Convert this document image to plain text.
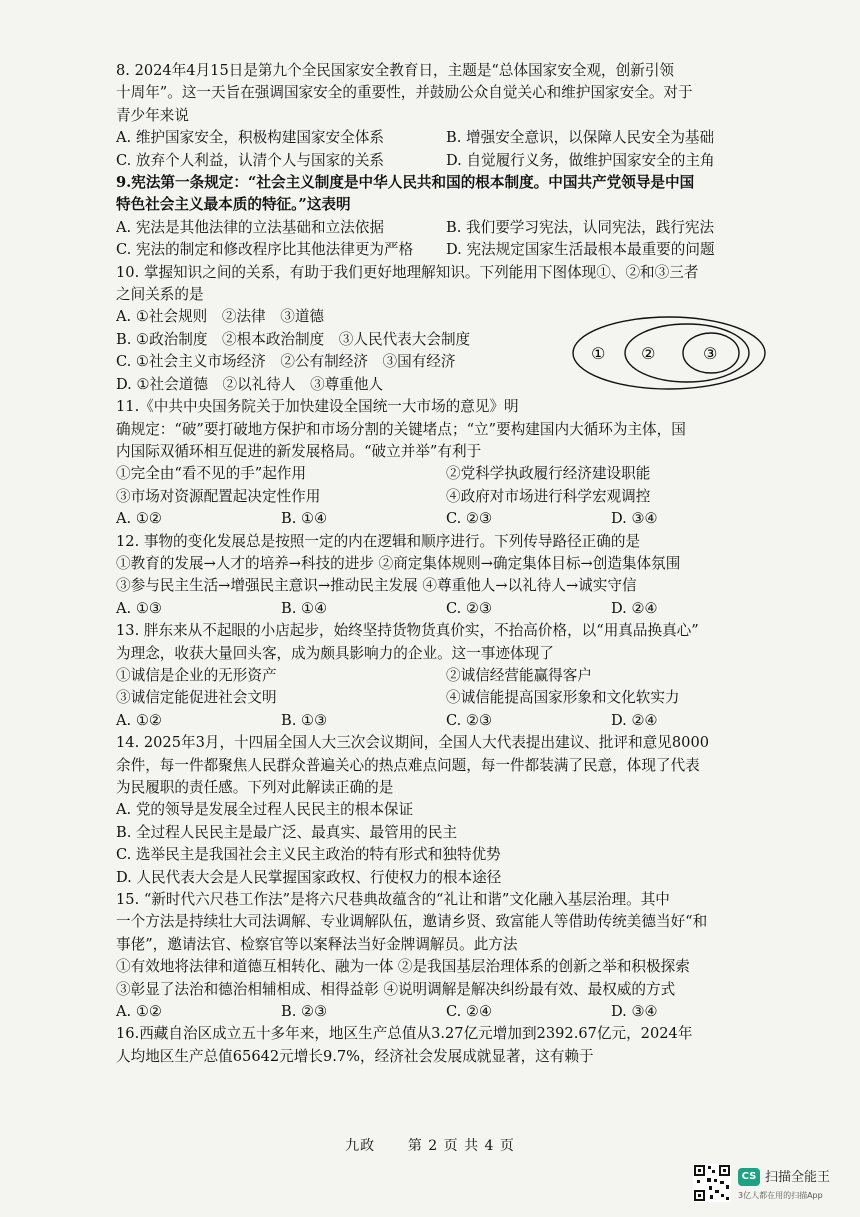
8. 2024年4月15日是第九个全民国家安全教育日，主题是“总体国家安全观，创新引领
十周年”。这一天旨在强调国家安全的重要性，并鼓励公众自觉关心和维护国家安全。对于
青少年来说
A. 维护国家安全，积极构建国家安全体系	B. 增强安全意识，以保障人民安全为基础
C. 放弃个人利益，认清个人与国家的关系	D. 自觉履行义务，做维护国家安全的主角
9.宪法第一条规定：“社会主义制度是中华人民共和国的根本制度。中国共产党领导是中国
特色社会主义最本质的特征。”这表明
A. 宪法是其他法律的立法基础和立法依据	B. 我们要学习宪法，认同宪法，践行宪法
C. 宪法的制定和修改程序比其他法律更为严格	D. 宪法规定国家生活最根本最重要的问题
10. 掌握知识之间的关系，有助于我们更好地理解知识。下列能用下图体现①、②和③三者
之间关系的是
A. ①社会规则　②法律　③道德
B. ①政治制度　②根本政治制度　③人民代表大会制度
C. ①社会主义市场经济　②公有制经济　③国有经济
D. ①社会道德　②以礼待人　③尊重他人
① ②	③
11.《中共中央国务院关于加快建设全国统一大市场的意见》明
确规定：“破”要打破地方保护和市场分割的关键堵点；“立”要构建国内大循环为主体，国
内国际双循环相互促进的新发展格局。“破立并举”有利于
①完全由“看不见的手”起作用	②党科学执政履行经济建设职能
③市场对资源配置起决定性作用	④政府对市场进行科学宏观调控
A. ①②	B. ①④	C. ②③	D. ③④
12. 事物的变化发展总是按照一定的内在逻辑和顺序进行。下列传导路径正确的是
①教育的发展→人才的培养→科技的进步 ②商定集体规则→确定集体目标→创造集体氛围
③参与民主生活→增强民主意识→推动民主发展 ④尊重他人→以礼待人→诚实守信
A. ①③	B. ①④	C. ②③	D. ②④
13. 胖东来从不起眼的小店起步，始终坚持货物货真价实，不抬高价格，以“用真品换真心”
为理念，收获大量回头客，成为颇具影响力的企业。这一事迹体现了
①诚信是企业的无形资产	②诚信经营能赢得客户
③诚信定能促进社会文明	④诚信能提高国家形象和文化软实力
A. ①②	B. ①③	C. ②③	D. ②④
14. 2025年3月，十四届全国人大三次会议期间，全国人大代表提出建议、批评和意见8000
余件，每一件都聚焦人民群众普遍关心的热点难点问题，每一件都装满了民意，体现了代表
为民履职的责任感。下列对此解读正确的是
A. 党的领导是发展全过程人民民主的根本保证
B. 全过程人民民主是最广泛、最真实、最管用的民主
C. 选举民主是我国社会主义民主政治的特有形式和独特优势
D. 人民代表大会是人民掌握国家政权、行使权力的根本途径
15. “新时代六尺巷工作法”是将六尺巷典故蕴含的“礼让和谐”文化融入基层治理。其中
一个方法是持续壮大司法调解、专业调解队伍，邀请乡贤、致富能人等借助传统美德当好“和
事佬”，邀请法官、检察官等以案释法当好金牌调解员。此方法
①有效地将法律和道德互相转化、融为一体 ②是我国基层治理体系的创新之举和积极探索
③彰显了法治和德治相辅相成、相得益彰 ④说明调解是解决纠纷最有效、最权威的方式
A. ①②	B. ②③	C. ②④	D. ③④
16.西藏自治区成立五十多年来，地区生产总值从3.27亿元增加到2392.67亿元，2024年
人均地区生产总值65642元增长9.7%，经济社会发展成就显著，这有赖于
九政 第 2 页 共 4 页
CS 扫描全能王
3亿人都在用的扫描App
